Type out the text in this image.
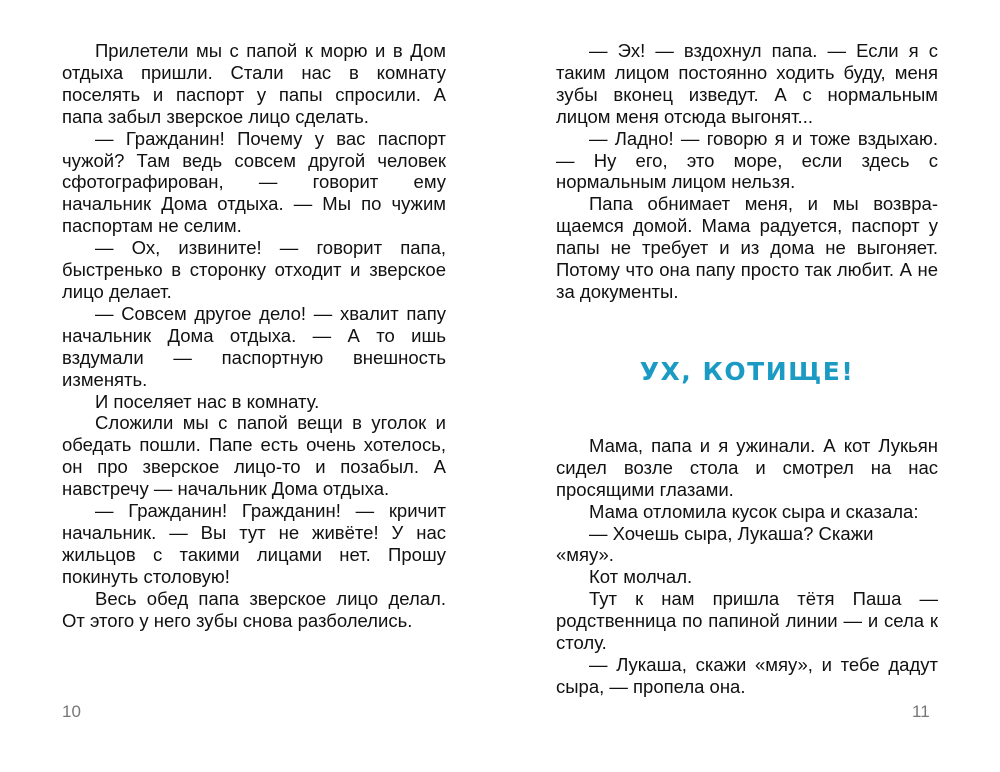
Прилетели мы с папой к морю и в Дом отдыха пришли. Стали нас в комнату поселять и паспорт у папы спросили. А папа забыл зверское лицо сделать.

— Гражданин! Почему у вас паспорт чужой? Там ведь совсем другой человек сфотографирован, — говорит ему начальник Дома отдыха. — Мы по чужим паспортам не селим.

— Ох, извините! — говорит папа, быстренько в сторонку отходит и зверское лицо делает.

— Совсем другое дело! — хвалит папу начальник Дома отдыха. — А то ишь вздумали — паспортную внешность изменять.

И поселяет нас в комнату.

Сложили мы с папой вещи в уголок и обедать пошли. Папе есть очень хотелось, он про зверское лицо-то и позабыл. А навстречу — начальник Дома отдыха.

— Гражданин! Гражданин! — кричит начальник. — Вы тут не живёте! У нас жильцов с такими лицами нет. Прошу покинуть столовую!

Весь обед папа зверское лицо делал. От этого у него зубы снова разболелись.

10

— Эх! — вздохнул папа. — Если я с таким лицом постоянно ходить буду, меня зубы вконец изведут. А с нормальным лицом меня отсюда выгонят...

— Ладно! — говорю я и тоже вздыхаю. — Ну его, это море, если здесь с нормальным лицом нельзя.

Папа обнимает меня, и мы возвращаемся домой. Мама радуется, паспорт у папы не требует и из дома не выгоняет. Потому что она папу просто так любит. А не за документы.

УХ, КОТИЩЕ!

Мама, папа и я ужинали. А кот Лукьян сидел возле стола и смотрел на нас просящими глазами.

Мама отломила кусок сыра и сказала:

— Хочешь сыра, Лукаша? Скажи

«мяу».

Кот молчал.

Тут к нам пришла тётя Паша — родственница по папиной линии — и села к столу.

— Лукаша, скажи «мяу», и тебе дадут сыра, — пропела она.

11
